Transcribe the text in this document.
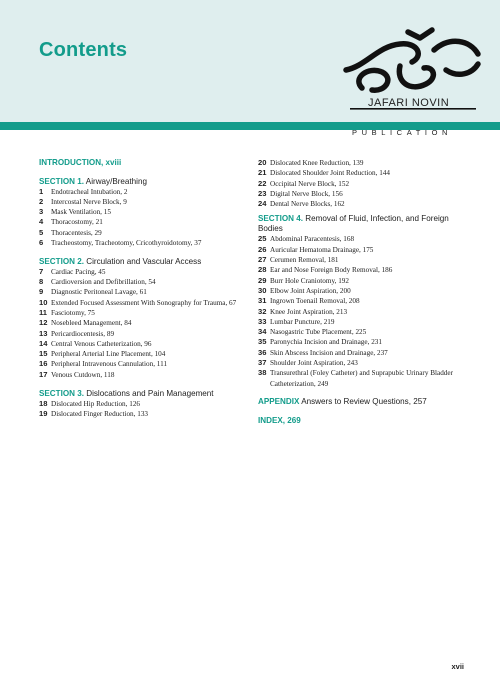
Contents
JAFARI NOVIN
PUBLICATION

INTRODUCTION, xviii

SECTION 1. Airway/Breathing

1	Endotracheal Intubation, 2
2	Intercostal Nerve Block, 9
3	Mask Ventilation, 15
4	Thoracostomy, 21
5	Thoracentesis, 29
6	Tracheostomy, Tracheotomy, Cricothyroidotomy, 37

SECTION 2. Circulation and Vascular Access

7	Cardiac Pacing, 45
8	Cardioversion and Defibrillation, 54
9	Diagnostic Peritoneal Lavage, 61
10 Extended Focused Assessment With Sonography for Trauma, 67
11 Fasciotomy, 75
12 Nosebleed Management, 84
13 Pericardiocentesis, 89
14 Central Venous Catheterization, 96
15 Peripheral Arterial Line Placement, 104
16 Peripheral Intravenous Cannulation, 111
17 Venous Cutdown, 118

SECTION 3. Dislocations and Pain Management

18 Dislocated Hip Reduction, 126
19 Dislocated Finger Reduction, 133
20 Dislocated Knee Reduction, 139
21 Dislocated Shoulder Joint Reduction, 144
22 Occipital Nerve Block, 152
23 Digital Nerve Block, 156
24 Dental Nerve Blocks, 162

SECTION 4. Removal of Fluid, Infection, and Foreign Bodies

25 Abdominal Paracentesis, 168
26 Auricular Hematoma Drainage, 175
27 Cerumen Removal, 181
28 Ear and Nose Foreign Body Removal, 186
29 Burr Hole Craniotomy, 192
30 Elbow Joint Aspiration, 200
31 Ingrown Toenail Removal, 208
32 Knee Joint Aspiration, 213
33 Lumbar Puncture, 219
34 Nasogastric Tube Placement, 225
35 Paronychia Incision and Drainage, 231
36 Skin Abscess Incision and Drainage, 237
37 Shoulder Joint Aspiration, 243
38 Transurethral (Foley Catheter) and Suprapubic Urinary Bladder Catheterization, 249

APPENDIX Answers to Review Questions, 257

INDEX, 269

xvii
